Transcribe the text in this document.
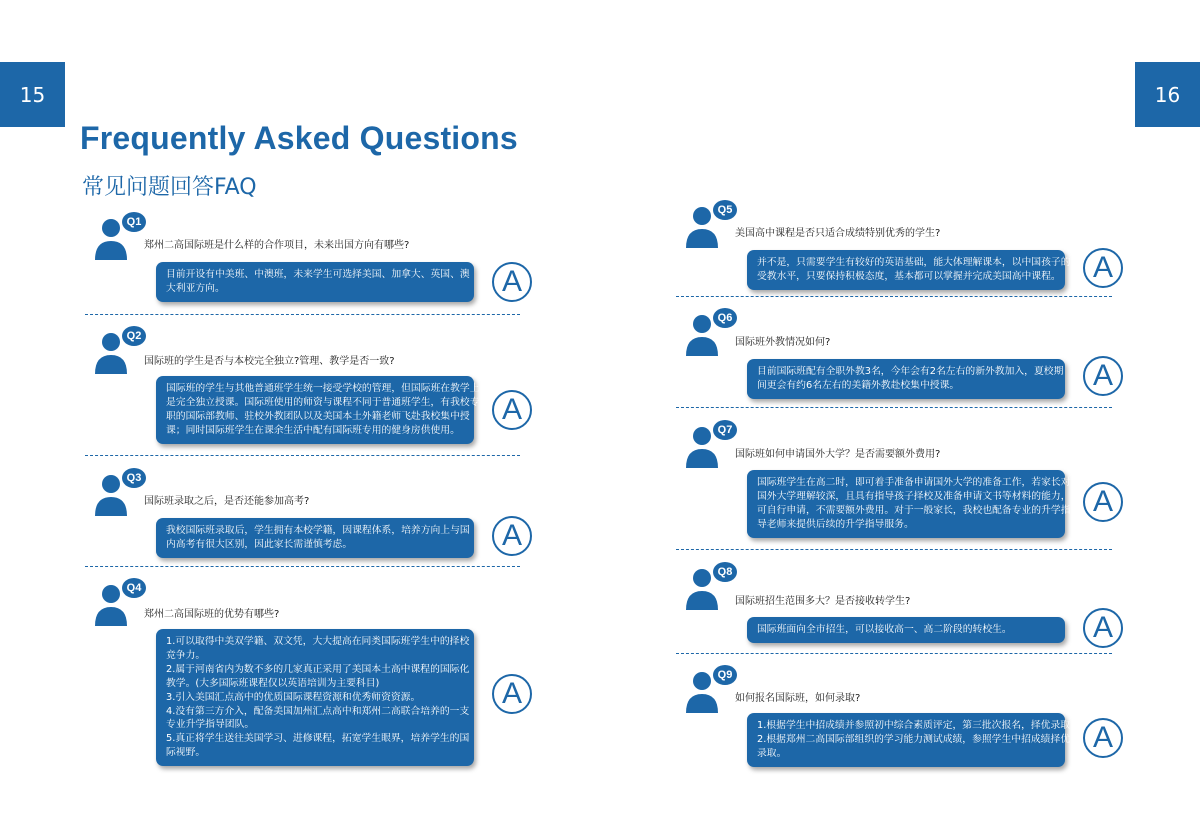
15	16
Frequently Asked Questions
常见问题回答FAQ
Q1
郑州二高国际班是什么样的合作项目，未来出国方向有哪些?
目前开设有中美班、中澳班，未来学生可选择美国、加拿大、英国、澳
大利亚方向。	A
Q2
国际班的学生是否与本校完全独立?管理、教学是否一致?
国际班的学生与其他普通班学生统一接受学校的管理，但国际班在教学上
是完全独立授课。国际班使用的师资与课程不同于普通班学生，有我校专
职的国际部教师、驻校外教团队以及美国本土外籍老师飞赴我校集中授
课；同时国际班学生在课余生活中配有国际班专用的健身房供使用。
A
Q3
国际班录取之后，是否还能参加高考?
我校国际班录取后，学生拥有本校学籍，因课程体系，培养方向上与国
内高考有很大区别，因此家长需谨慎考虑。	A
Q4
郑州二高国际班的优势有哪些?
1.可以取得中美双学籍、双文凭，大大提高在同类国际班学生中的择校
竞争力。
2.属于河南省内为数不多的几家真正采用了美国本土高中课程的国际化
教学。(大多国际班课程仅以英语培训为主要科目)
3.引入美国汇点高中的优质国际课程资源和优秀师资资源。
4.没有第三方介入，配备美国加州汇点高中和郑州二高联合培养的一支
专业升学指导团队。
5.真正将学生送往美国学习、进修课程，拓宽学生眼界，培养学生的国
际视野。
A
Q5
美国高中课程是否只适合成绩特别优秀的学生?
并不是，只需要学生有较好的英语基础，能大体理解课本，以中国孩子的
受教水平，只要保持积极态度，基本都可以掌握并完成美国高中课程。	A
Q6
国际班外教情况如何?
目前国际班配有全职外教3名，今年会有2名左右的新外教加入，夏校期
间更会有约6名左右的美籍外教赴校集中授课。	A
Q7
国际班如何申请国外大学？是否需要额外费用?
国际班学生在高二时，即可着手准备申请国外大学的准备工作，若家长对
国外大学理解较深，且具有指导孩子择校及准备申请文书等材料的能力，
可自行申请，不需要额外费用。对于一般家长，我校也配备专业的升学指
导老师来提供后续的升学指导服务。
A
Q8
国际班招生范围多大？是否接收转学生?
国际班面向全市招生，可以接收高一、高二阶段的转校生。	A
Q9
如何报名国际班，如何录取?
1.根据学生中招成绩并参照初中综合素质评定，第三批次报名，择优录取；
2.根据郑州二高国际部组织的学习能力测试成绩，参照学生中招成绩择优
录取。	A
